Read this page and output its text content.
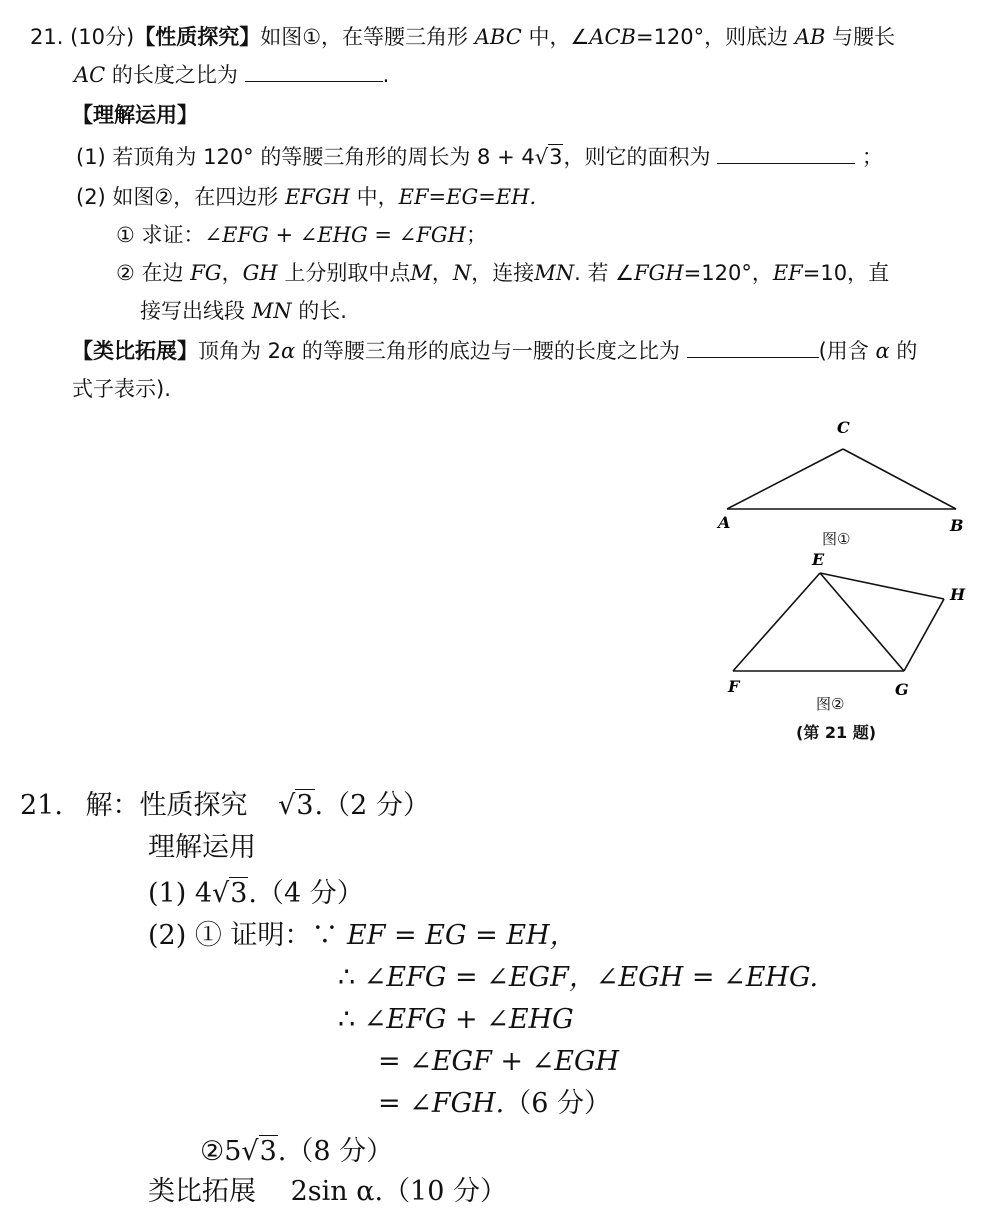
21. (10分)【性质探究】如图①，在等腰三角形 ABC 中，∠ACB=120°，则底边 AB 与腰长
AC 的长度之比为	.
【理解运用】
(1) 若顶角为 120° 的等腰三角形的周长为 8 + 4√3，则它的面积为	；
(2) 如图②，在四边形 EFGH 中，EF=EG=EH.
① 求证：∠EFG + ∠EHG = ∠FGH；
② 在边 FG，GH 上分别取中点M，N，连接MN. 若 ∠FGH=120°，EF=10，直
接写出线段 MN 的长.
【类比拓展】顶角为 2α 的等腰三角形的底边与一腰的长度之比为	(用含 α 的
式子表示).
C
A	B
E
H
F	G
图①
图②
(第 21 题)
21. 解：性质探究 √3.（2 分）
理解运用
(1) 4√3.（4 分）
(2) ① 证明：∵ EF = EG = EH，
∴ ∠EFG = ∠EGF，∠EGH = ∠EHG.
∴ ∠EFG + ∠EHG
= ∠EGF + ∠EGH
= ∠FGH.（6 分）
②5√3.（8 分）
类比拓展 2sin α.（10 分）
